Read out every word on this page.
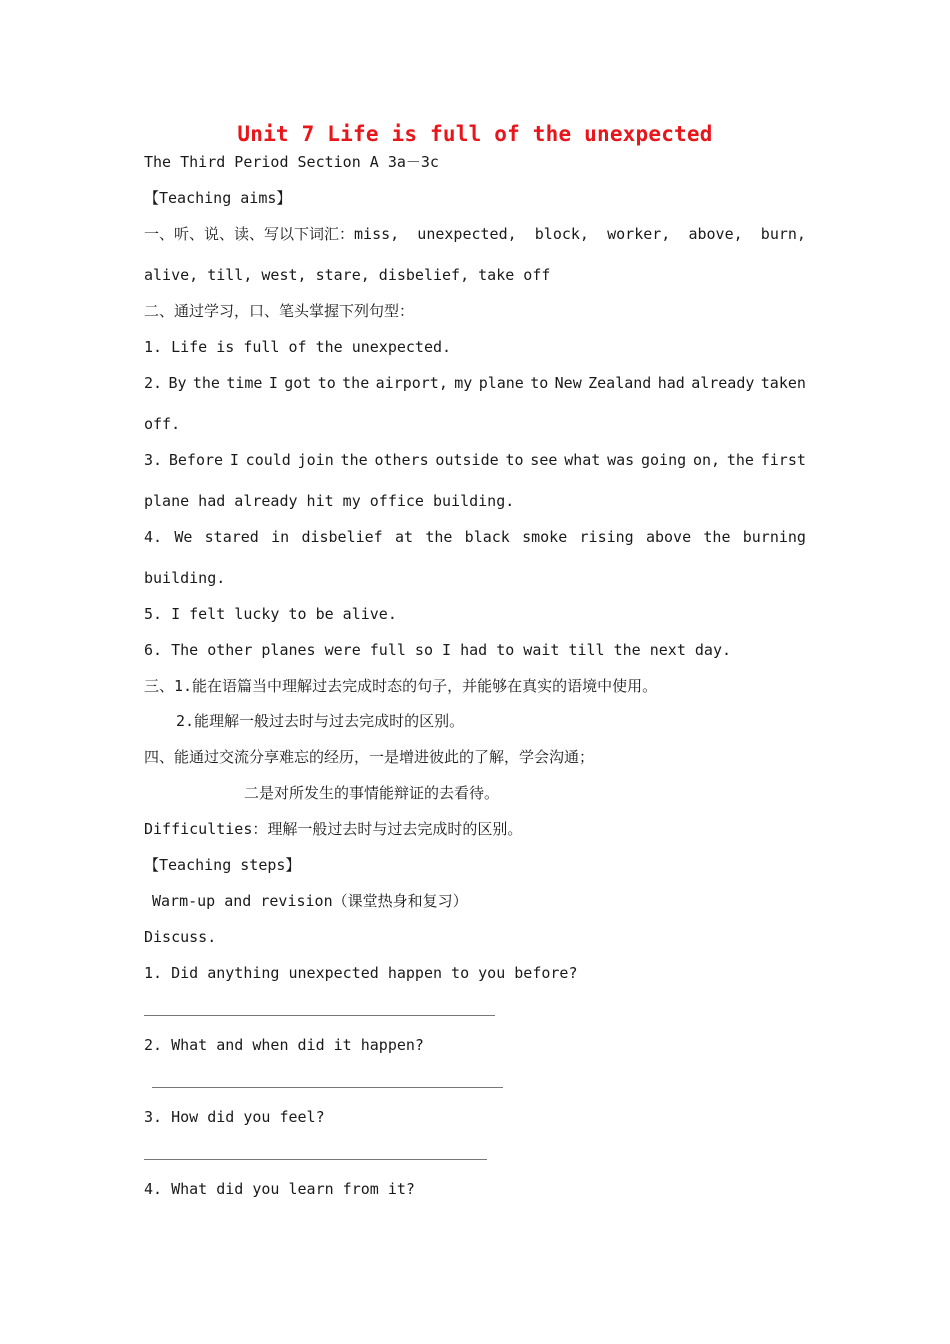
Unit 7 Life is full of the unexpected
The Third Period Section A 3a－3c
【Teaching aims】
一、听、说、读、写以下词汇：miss, unexpected, block, worker, above, burn,
alive, till, west, stare, disbelief, take off
二、通过学习，口、笔头掌握下列句型：
1. Life is full of the unexpected.
2. By the time I got to the airport, my plane to New Zealand had already taken
off.
3. Before I could join the others outside to see what was going on, the first
plane had already hit my office building.
4. We stared in disbelief at the black smoke rising above the burning
building.
5. I felt lucky to be alive.
6. The other planes were full so I had to wait till the next day.
三、1.能在语篇当中理解过去完成时态的句子，并能够在真实的语境中使用。
2.能理解一般过去时与过去完成时的区别。
四、能通过交流分享难忘的经历，一是增进彼此的了解，学会沟通；
二是对所发生的事情能辩证的去看待。
Difficulties：理解一般过去时与过去完成时的区别。
【Teaching steps】
Warm-up and revision（课堂热身和复习）
Discuss.
1. Did anything unexpected happen to you before?
2. What and when did it happen?
3. How did you feel?
4. What did you learn from it?
